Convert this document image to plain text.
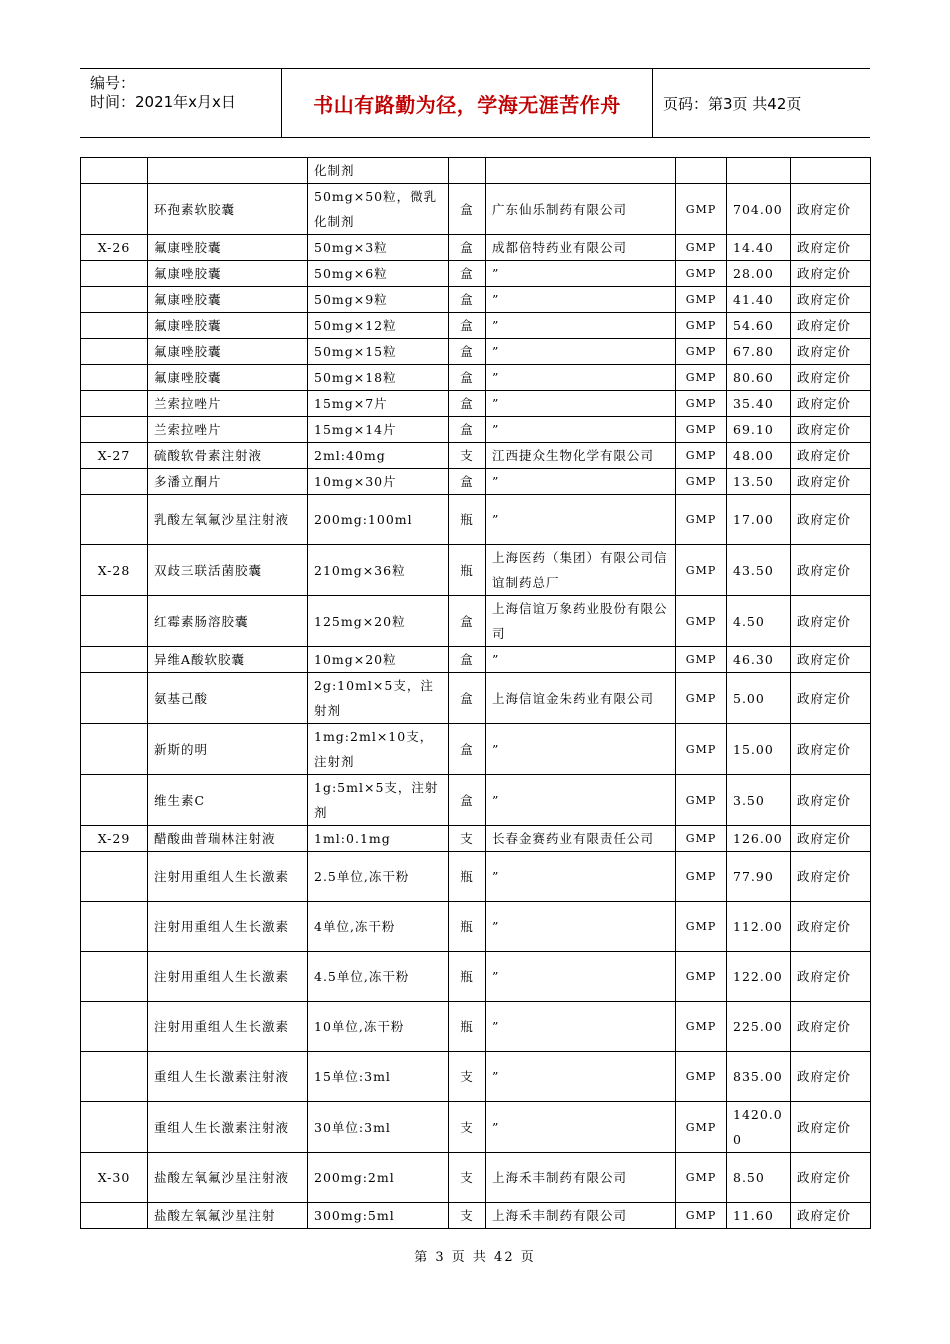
编号：
时间：2021年x月x日	书山有路勤为径，学海无涯苦作舟	页码：第3页 共42页
		化制剂					
	环孢素软胶囊	50mg×50粒，微乳化制剂	盒	广东仙乐制药有限公司	GMP	704.00	政府定价
X-26	氟康唑胶囊	50mg×3粒	盒	成都倍特药业有限公司	GMP	14.40	政府定价
	氟康唑胶囊	50mg×6粒	盒	”	GMP	28.00	政府定价
	氟康唑胶囊	50mg×9粒	盒	”	GMP	41.40	政府定价
	氟康唑胶囊	50mg×12粒	盒	”	GMP	54.60	政府定价
	氟康唑胶囊	50mg×15粒	盒	”	GMP	67.80	政府定价
	氟康唑胶囊	50mg×18粒	盒	”	GMP	80.60	政府定价
	兰索拉唑片	15mg×7片	盒	”	GMP	35.40	政府定价
	兰索拉唑片	15mg×14片	盒	”	GMP	69.10	政府定价
X-27	硫酸软骨素注射液	2ml:40mg	支	江西捷众生物化学有限公司	GMP	48.00	政府定价
	多潘立酮片	10mg×30片	盒	”	GMP	13.50	政府定价
	乳酸左氧氟沙星注射液	200mg:100ml	瓶	”	GMP	17.00	政府定价
X-28	双歧三联活菌胶囊	210mg×36粒	瓶	上海医药（集团）有限公司信谊制药总厂	GMP	43.50	政府定价
	红霉素肠溶胶囊	125mg×20粒	盒	上海信谊万象药业股份有限公司	GMP	4.50	政府定价
	异维A酸软胶囊	10mg×20粒	盒	”	GMP	46.30	政府定价
	氨基己酸	2g:10ml×5支，注射剂	盒	上海信谊金朱药业有限公司	GMP	5.00	政府定价
	新斯的明	1mg:2ml×10支，注射剂	盒	”	GMP	15.00	政府定价
	维生素C	1g:5ml×5支，注射剂	盒	”	GMP	3.50	政府定价
X-29	醋酸曲普瑞林注射液	1ml:0.1mg	支	长春金赛药业有限责任公司	GMP	126.00	政府定价
	注射用重组人生长激素	2.5单位,冻干粉	瓶	”	GMP	77.90	政府定价
	注射用重组人生长激素	4单位,冻干粉	瓶	”	GMP	112.00	政府定价
	注射用重组人生长激素	4.5单位,冻干粉	瓶	”	GMP	122.00	政府定价
	注射用重组人生长激素	10单位,冻干粉	瓶	”	GMP	225.00	政府定价
	重组人生长激素注射液	15单位:3ml	支	”	GMP	835.00	政府定价
	重组人生长激素注射液	30单位:3ml	支	”	GMP	1420.00	政府定价
X-30	盐酸左氧氟沙星注射液	200mg:2ml	支	上海禾丰制药有限公司	GMP	8.50	政府定价
	盐酸左氧氟沙星注射	300mg:5ml	支	上海禾丰制药有限公司	GMP	11.60	政府定价
第 3 页 共 42 页
